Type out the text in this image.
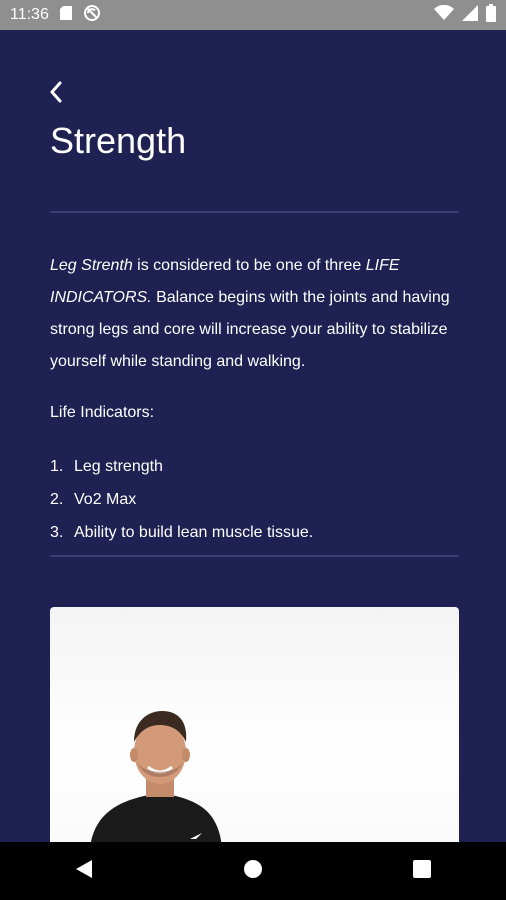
11:36
Strength

Leg Strenth is considered to be one of three LIFE INDICATORS. Balance begins with the joints and having strong legs and core will increase your ability to stabilize yourself while standing and walking.

Life Indicators:

1. Leg strength
2. Vo2 Max
3. Ability to build lean muscle tissue.
